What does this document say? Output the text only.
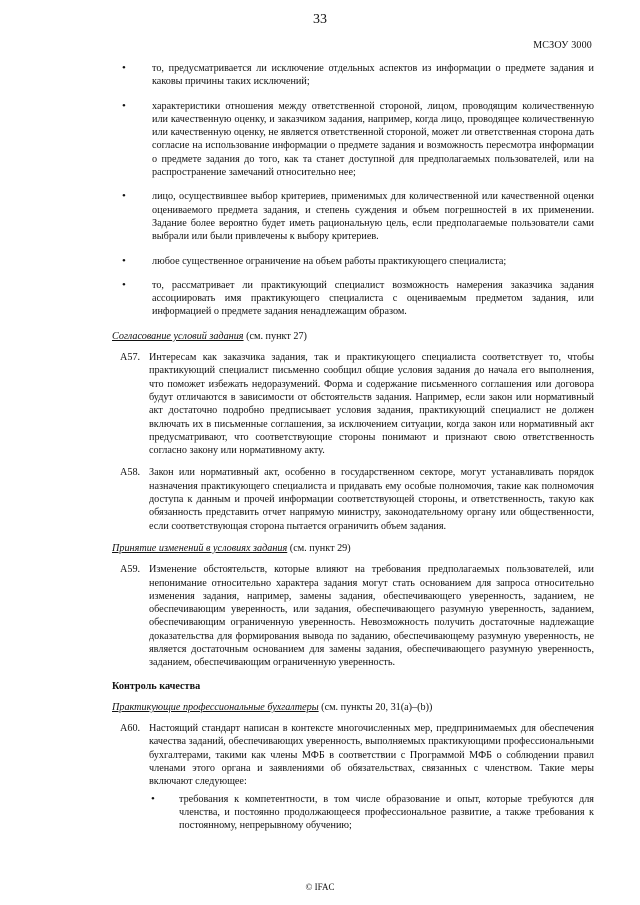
33
МСЗОУ 3000
• то, предусматривается ли исключение отдельных аспектов из информации о предмете задания и каковы причины таких исключений;
• характеристики отношения между ответственной стороной, лицом, проводящим количественную или качественную оценку, и заказчиком задания, например, когда лицо, проводящее количественную или качественную оценку, не является ответственной стороной, может ли ответственная сторона дать согласие на использование информации о предмете задания и возможность пересмотра информации о предмете задания до того, как та станет доступной для предполагаемых пользователей, или на распространение замечаний относительно нее;
• лицо, осуществившее выбор критериев, применимых для количественной или качественной оценки оцениваемого предмета задания, и степень суждения и объем погрешностей в их применении. Задание более вероятно будет иметь рациональную цель, если предполагаемые пользователи сами выбрали или были привлечены к выбору критериев.
• любое существенное ограничение на объем работы практикующего специалиста;
• то, рассматривает ли практикующий специалист возможность намерения заказчика задания ассоциировать имя практикующего специалиста с оцениваемым предметом задания, или информацией о предмете задания ненадлежащим образом.
Согласование условий задания (см. пункт 27)
A57. Интересам как заказчика задания, так и практикующего специалиста соответствует то, чтобы практикующий специалист письменно сообщил общие условия задания до начала его выполнения, что поможет избежать недоразумений. Форма и содержание письменного соглашения или договора будут отличаются в зависимости от обстоятельств задания. Например, если закон или нормативный акт достаточно подробно предписывает условия задания, практикующий специалист не должен включать их в письменные соглашения, за исключением ситуации, когда закон или нормативный акт предусматривают, что соответствующие стороны понимают и признают свою ответственность согласно закону или нормативному акту.
A58. Закон или нормативный акт, особенно в государственном секторе, могут устанавливать порядок назначения практикующего специалиста и придавать ему особые полномочия, такие как полномочия доступа к данным и прочей информации соответствующей стороны, и ответственность, такую как обязанность представить отчет напрямую министру, законодательному органу или общественности, если соответствующая сторона пытается ограничить объем задания.
Принятие изменений в условиях задания (см. пункт 29)
A59. Изменение обстоятельств, которые влияют на требования предполагаемых пользователей, или непонимание относительно характера задания могут стать основанием для запроса относительно изменения задания, например, замены задания, обеспечивающего уверенность, заданием, не обеспечивающим уверенность, или задания, обеспечивающего разумную уверенность, заданием, обеспечивающим ограниченную уверенность. Невозможность получить достаточные надлежащие доказательства для формирования вывода по заданию, обеспечивающему разумную уверенность, не является достаточным основанием для замены задания, обеспечивающего разумную уверенность, заданием, обеспечивающим ограниченную уверенность.
Контроль качества
Практикующие профессиональные бухгалтеры (см. пункты 20, 31(a)–(b))
A60. Настоящий стандарт написан в контексте многочисленных мер, предпринимаемых для обеспечения качества заданий, обеспечивающих уверенность, выполняемых практикующими профессиональными бухгалтерами, такими как члены МФБ в соответствии с Программой МФБ о соблюдении правил членами этого органа и заявлениями об обязательствах, связанных с членством. Такие меры включают следующее:
• требования к компетентности, в том числе образование и опыт, которые требуются для членства, и постоянно продолжающееся профессиональное развитие, а также требования к постоянному, непрерывному обучению;
© IFAC
